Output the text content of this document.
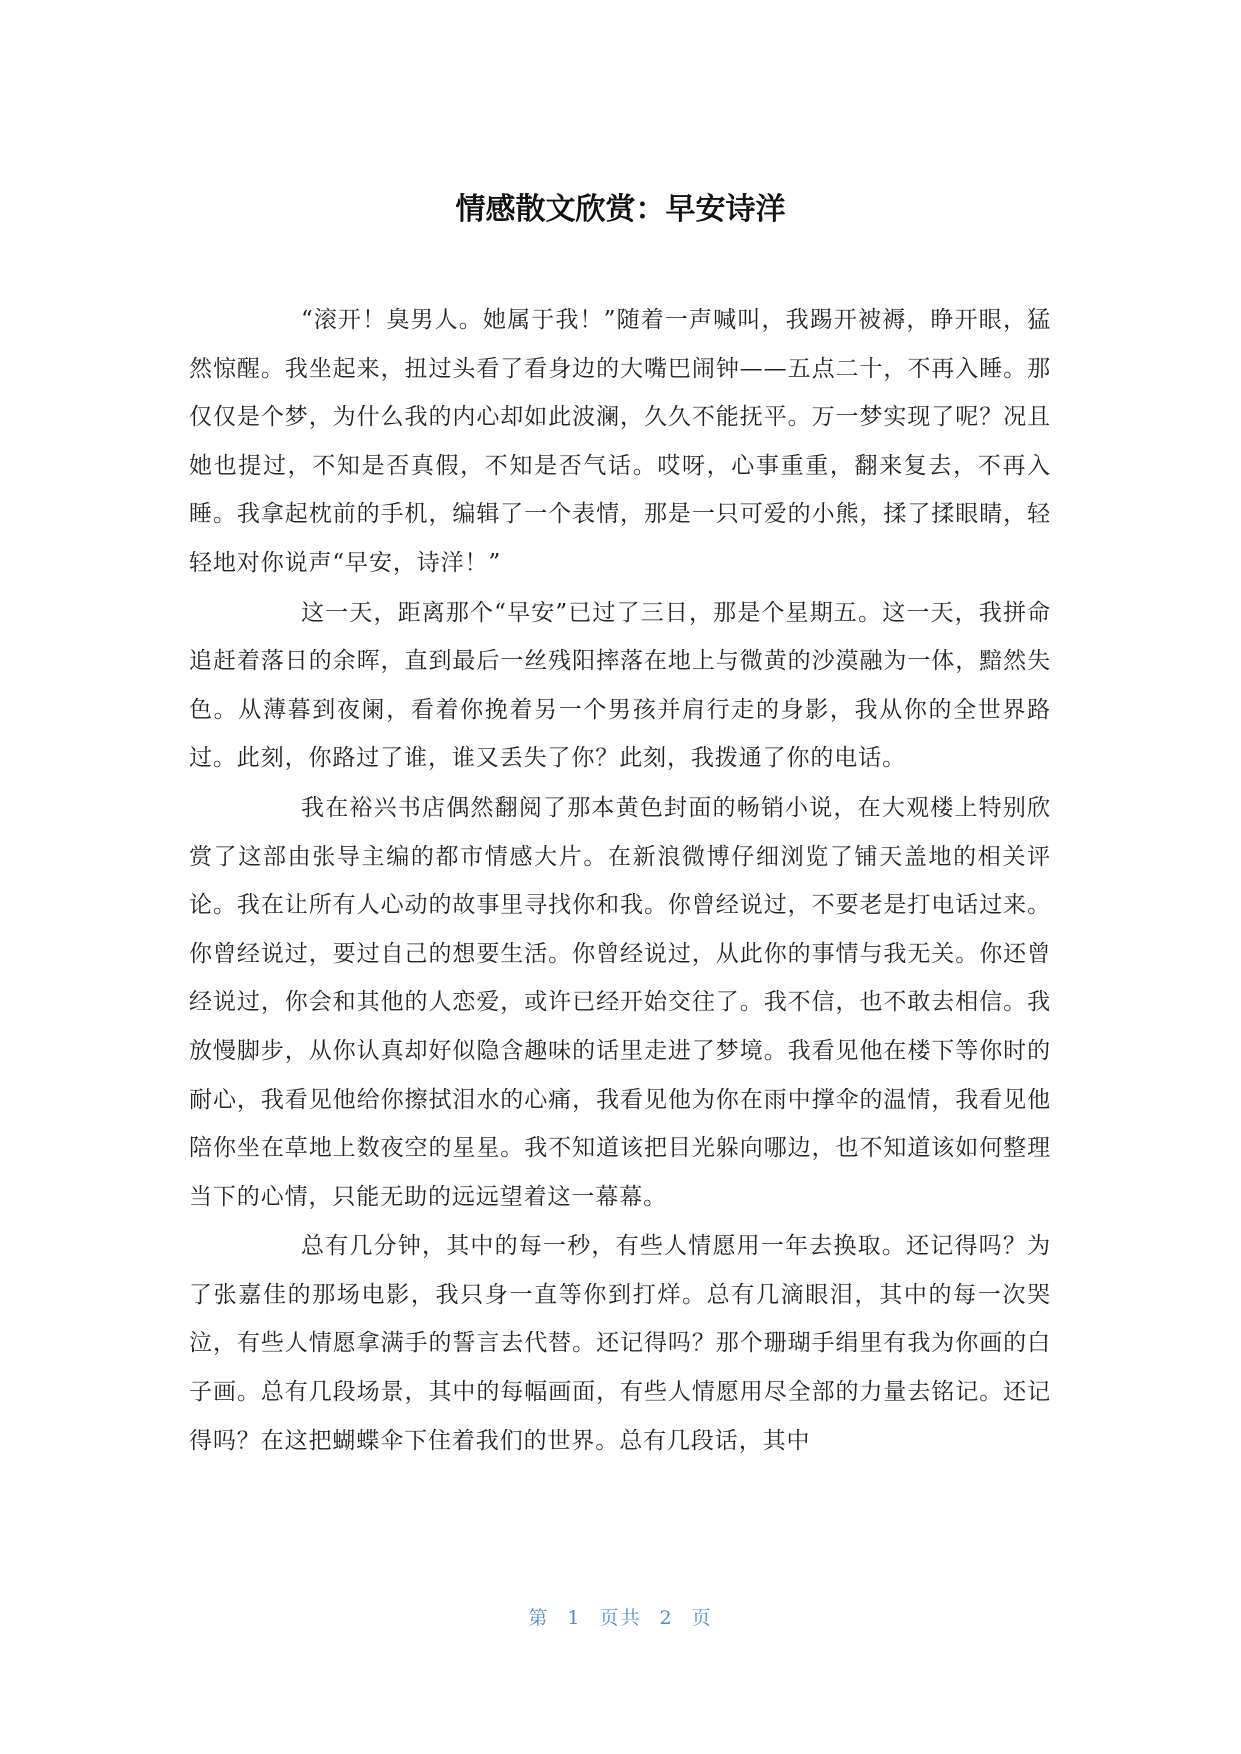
情感散文欣赏：早安诗洋

“滚开！臭男人。她属于我！”随着一声喊叫，我踢开被褥，睁开眼，猛然惊醒。我坐起来，扭过头看了看身边的大嘴巴闹钟——五点二十，不再入睡。那仅仅是个梦，为什么我的内心却如此波澜，久久不能抚平。万一梦实现了呢？况且她也提过，不知是否真假，不知是否气话。哎呀，心事重重，翻来复去，不再入睡。我拿起枕前的手机，编辑了一个表情，那是一只可爱的小熊，揉了揉眼睛，轻轻地对你说声“早安，诗洋！”

这一天，距离那个“早安”已过了三日，那是个星期五。这一天，我拼命追赶着落日的余晖，直到最后一丝残阳摔落在地上与微黄的沙漠融为一体，黯然失色。从薄暮到夜阑，看着你挽着另一个男孩并肩行走的身影，我从你的全世界路过。此刻，你路过了谁，谁又丢失了你？此刻，我拨通了你的电话。

我在裕兴书店偶然翻阅了那本黄色封面的畅销小说，在大观楼上特别欣赏了这部由张导主编的都市情感大片。在新浪微博仔细浏览了铺天盖地的相关评论。我在让所有人心动的故事里寻找你和我。你曾经说过，不要老是打电话过来。你曾经说过，要过自己的想要生活。你曾经说过，从此你的事情与我无关。你还曾经说过，你会和其他的人恋爱，或许已经开始交往了。我不信，也不敢去相信。我放慢脚步，从你认真却好似隐含趣味的话里走进了梦境。我看见他在楼下等你时的耐心，我看见他给你擦拭泪水的心痛，我看见他为你在雨中撑伞的温情，我看见他陪你坐在草地上数夜空的星星。我不知道该把目光躲向哪边，也不知道该如何整理当下的心情，只能无助的远远望着这一幕幕。

总有几分钟，其中的每一秒，有些人情愿用一年去换取。还记得吗？为了张嘉佳的那场电影，我只身一直等你到打烊。总有几滴眼泪，其中的每一次哭泣，有些人情愿拿满手的誓言去代替。还记得吗？那个珊瑚手绢里有我为你画的白子画。总有几段场景，其中的每幅画面，有些人情愿用尽全部的力量去铭记。还记得吗？在这把蝴蝶伞下住着我们的世界。总有几段话，其中

第 1 页共 2 页
